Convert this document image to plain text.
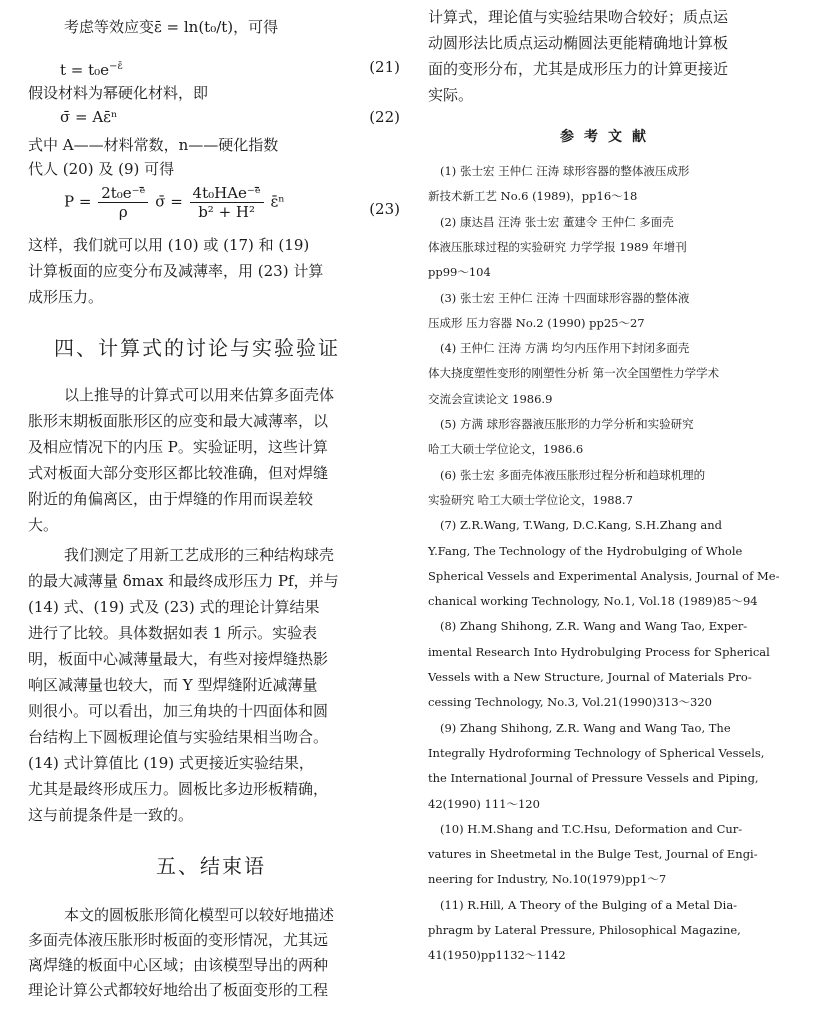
考虑等效应变ε̄ = ln(t₀/t)，可得
$t = t_0e^{-\varepsilon̄}$	(21)
假设材料为幂硬化材料，即
σ̄ = Aε̄ⁿ	(22)
式中 A——材料常数，n——硬化指数
代人 (20) 及 (9) 可得
$P = \frac{\text{2t₀e⁻ᵉ̄}}{\rho}$ σ̄ = $\frac{\text{4t₀HAe⁻ᵉ̄}}{\text{b² + H²}}$ ε̄ⁿ	(23)
这样，我们就可以用 (10) 或 (17) 和 (19)
计算板面的应变分布及减薄率，用 (23) 计算
成形压力。
四、计算式的讨论与实验验证
以上推导的计算式可以用来估算多面壳体
胀形末期板面胀形区的应变和最大减薄率，以
及相应情况下的内压 P。实验证明，这些计算
式对板面大部分变形区都比较准确，但对焊缝
附近的角偏离区，由于焊缝的作用而误差较
大。
我们测定了用新工艺成形的三种结构球壳
的最大减薄量 δmax 和最终成形压力 Pf，并与
(14) 式、(19) 式及 (23) 式的理论计算结果
进行了比较。具体数据如表 1 所示。实验表
明，板面中心减薄量最大，有些对接焊缝热影
响区减薄量也较大，而 Y 型焊缝附近减薄量
则很小。可以看出，加三角块的十四面体和圆
台结构上下圆板理论值与实验结果相当吻合。
(14) 式计算值比 (19) 式更接近实验结果，
尤其是最终形成压力。圆板比多边形板精确，
这与前提条件是一致的。
五、结束语
本文的圆板胀形简化模型可以较好地描述
多面壳体液压胀形时板面的变形情况，尤其远
离焊缝的板面中心区域；由该模型导出的两种
理论计算公式都较好地给出了板面变形的工程
计算式，理论值与实验结果吻合较好；质点运
动圆形法比质点运动椭圆法更能精确地计算板
面的变形分布，尤其是成形压力的计算更接近
实际。
参考文献
(1) 张士宏 王仲仁 汪涛 球形容器的整体液压成形
新技术新工艺 No.6 (1989)，pp16～18
(2) 康达昌 汪涛 张士宏 董建令 王仲仁 多面壳
体液压胀球过程的实验研究 力学学报 1989 年增刊
pp99～104
(3) 张士宏 王仲仁 汪涛 十四面球形容器的整体液
压成形 压力容器 No.2 (1990) pp25～27
(4) 王仲仁 汪涛 方满 均匀内压作用下封闭多面壳
体大挠度塑性变形的刚塑性分析 第一次全国塑性力学学术
交流会宣读论文 1986.9
(5) 方满 球形容器液压胀形的力学分析和实验研究
哈工大硕士学位论文，1986.6
(6) 张士宏 多面壳体液压胀形过程分析和趋球机理的
实验研究 哈工大硕士学位论文，1988.7
(7) Z.R.Wang, T.Wang, D.C.Kang, S.H.Zhang and
Y.Fang, The Technology of the Hydrobulging of Whole
Spherical Vessels and Experimental Analysis, Journal of Me-
chanical working Technology, No.1, Vol.18 (1989)85～94
(8) Zhang Shihong, Z.R. Wang and Wang Tao, Exper-
imental Research Into Hydrobulging Process for Spherical
Vessels with a New Structure, Journal of Materials Pro-
cessing Technology, No.3, Vol.21(1990)313～320
(9) Zhang Shihong, Z.R. Wang and Wang Tao, The
Integrally Hydroforming Technology of Spherical Vessels,
the International Journal of Pressure Vessels and Piping,
42(1990) 111～120
(10) H.M.Shang and T.C.Hsu, Deformation and Cur-
vatures in Sheetmetal in the Bulge Test, Journal of Engi-
neering for Industry, No.10(1979)pp1～7
(11) R.Hill, A Theory of the Bulging of a Metal Dia-
phragm by Lateral Pressure, Philosophical Magazine,
41(1950)pp1132～1142
